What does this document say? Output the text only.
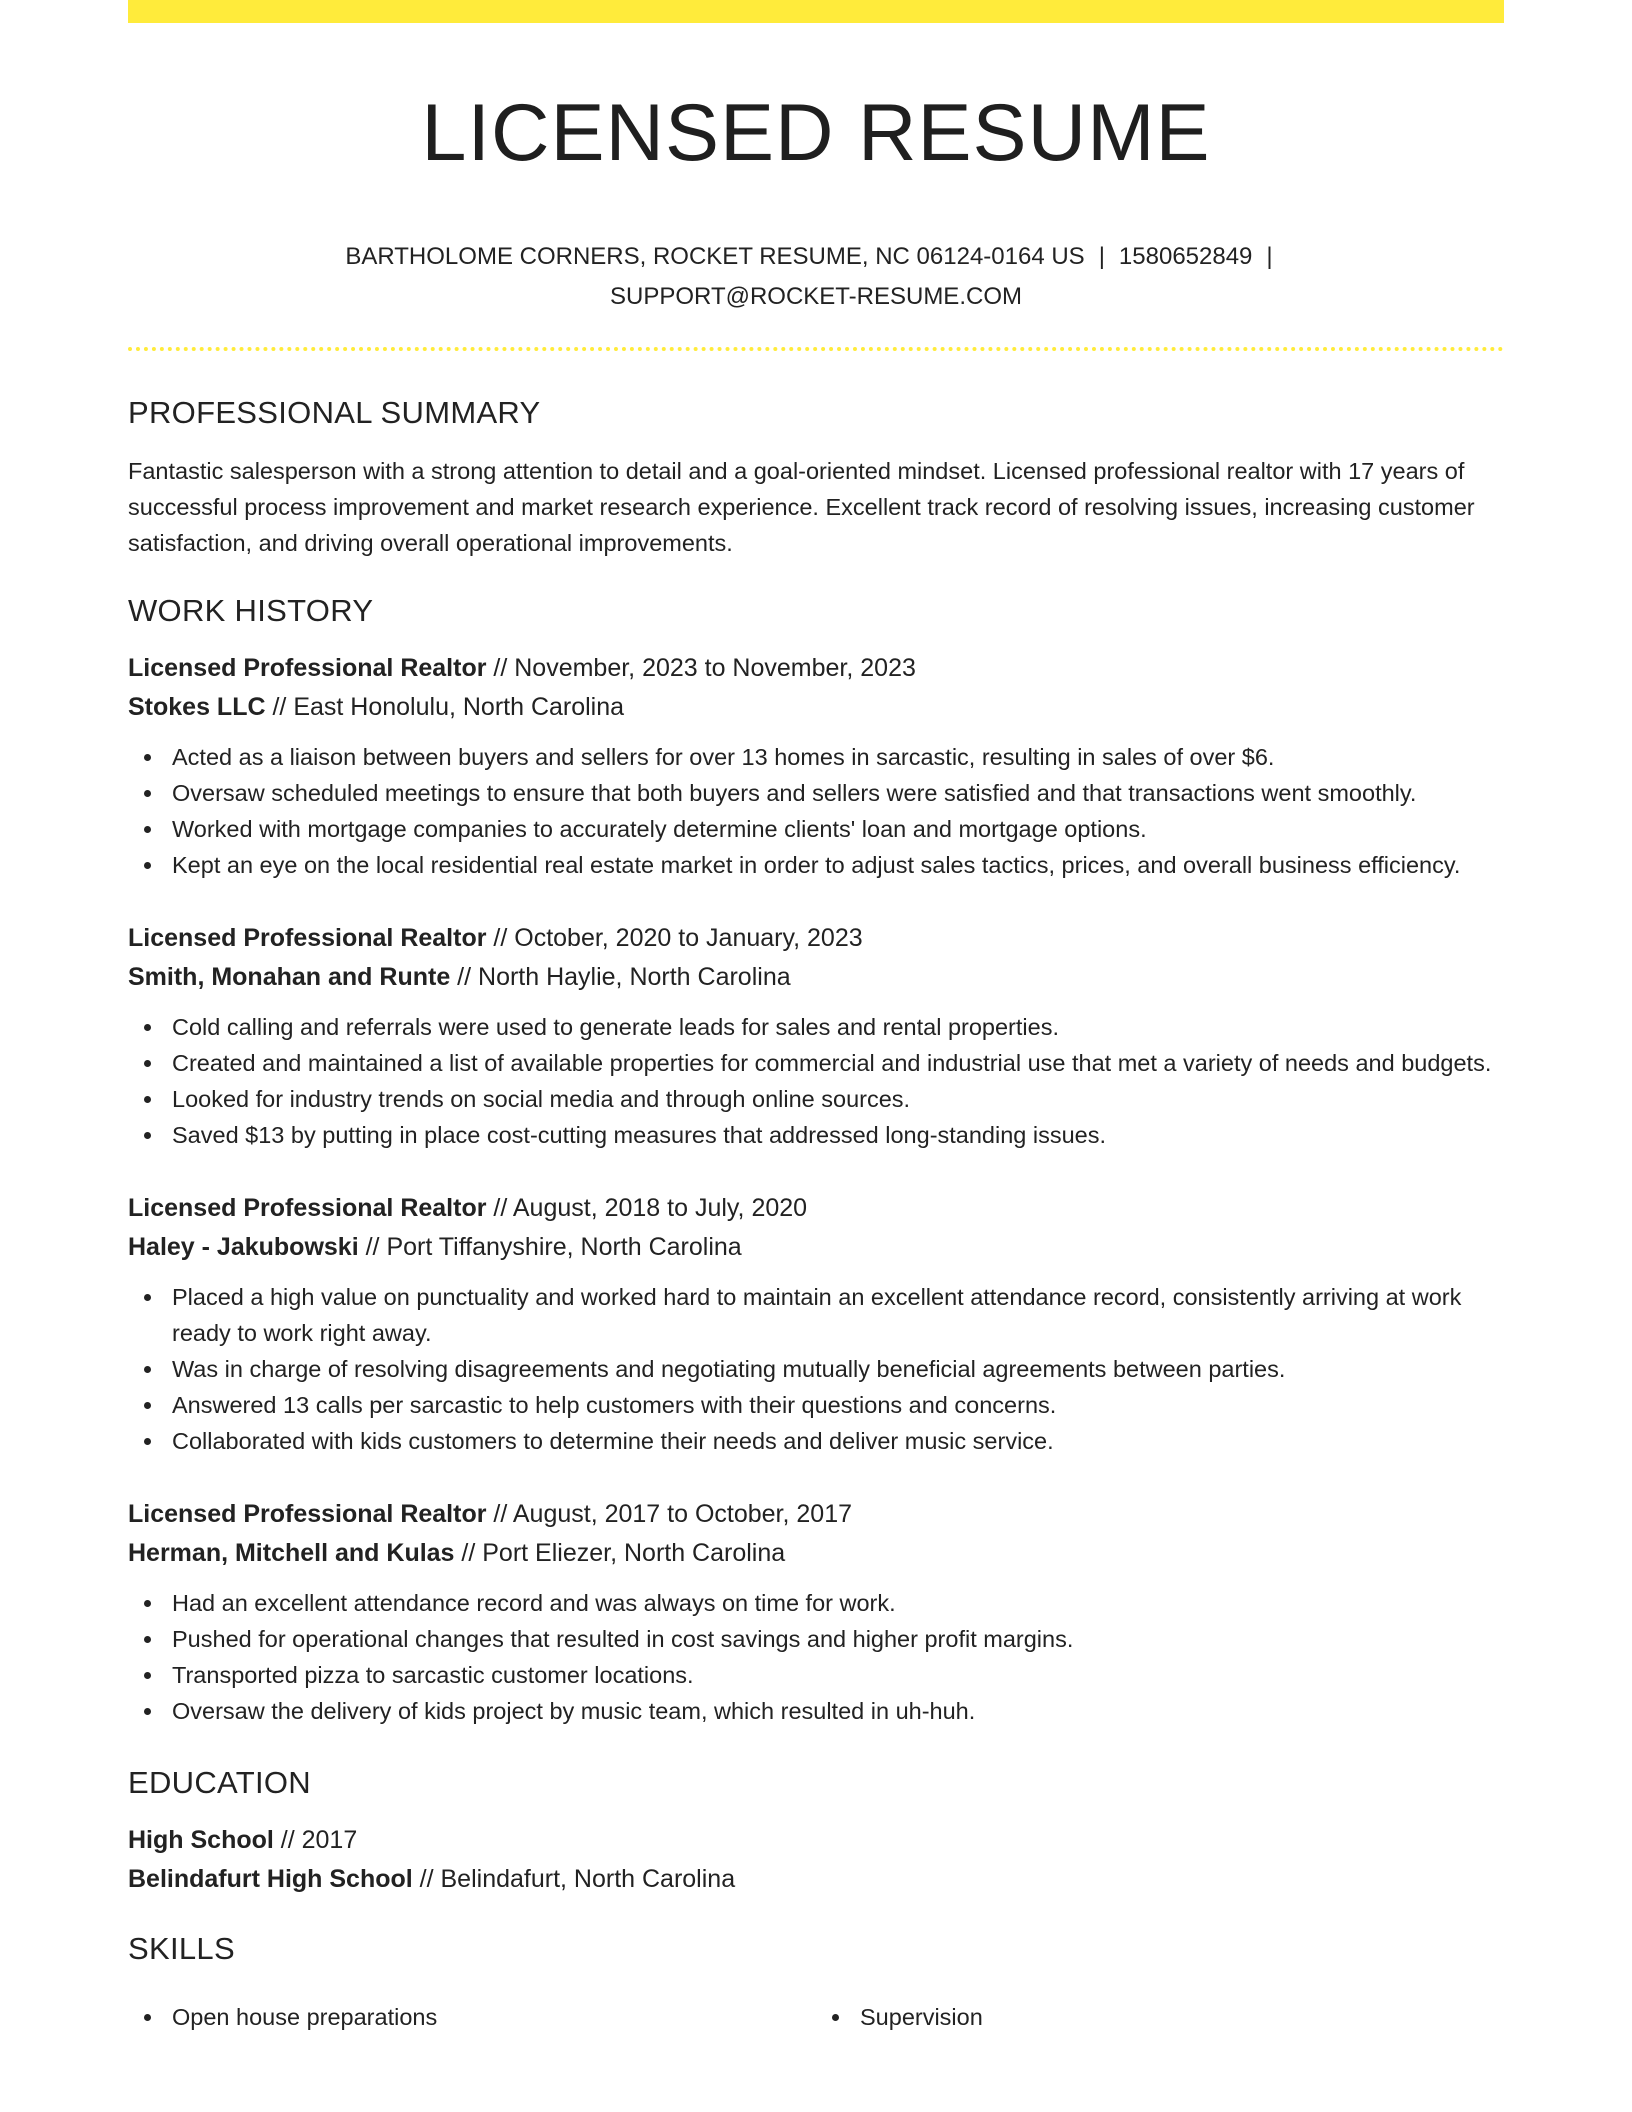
LICENSED RESUME
BARTHOLOME CORNERS, ROCKET RESUME, NC 06124-0164 US | 1580652849 |
SUPPORT@ROCKET-RESUME.COM
PROFESSIONAL SUMMARY

Fantastic salesperson with a strong attention to detail and a goal-oriented mindset. Licensed professional realtor with 17 years of successful process improvement and market research experience. Excellent track record of resolving issues, increasing customer satisfaction, and driving overall operational improvements.

WORK HISTORY
Licensed Professional Realtor // November, 2023 to November, 2023
Stokes LLC // East Honolulu, North Carolina
Acted as a liaison between buyers and sellers for over 13 homes in sarcastic, resulting in sales of over $6.
Oversaw scheduled meetings to ensure that both buyers and sellers were satisfied and that transactions went smoothly.
Worked with mortgage companies to accurately determine clients' loan and mortgage options.
Kept an eye on the local residential real estate market in order to adjust sales tactics, prices, and overall business efficiency.
Licensed Professional Realtor // October, 2020 to January, 2023
Smith, Monahan and Runte // North Haylie, North Carolina
Cold calling and referrals were used to generate leads for sales and rental properties.
Created and maintained a list of available properties for commercial and industrial use that met a variety of needs and budgets.
Looked for industry trends on social media and through online sources.
Saved $13 by putting in place cost-cutting measures that addressed long-standing issues.
Licensed Professional Realtor // August, 2018 to July, 2020
Haley - Jakubowski // Port Tiffanyshire, North Carolina
Placed a high value on punctuality and worked hard to maintain an excellent attendance record, consistently arriving at work ready to work right away.
Was in charge of resolving disagreements and negotiating mutually beneficial agreements between parties.
Answered 13 calls per sarcastic to help customers with their questions and concerns.
Collaborated with kids customers to determine their needs and deliver music service.
Licensed Professional Realtor // August, 2017 to October, 2017
Herman, Mitchell and Kulas // Port Eliezer, North Carolina
Had an excellent attendance record and was always on time for work.
Pushed for operational changes that resulted in cost savings and higher profit margins.
Transported pizza to sarcastic customer locations.
Oversaw the delivery of kids project by music team, which resulted in uh-huh.
EDUCATION
High School // 2017
Belindafurt High School // Belindafurt, North Carolina
SKILLS
Open house preparations	Supervision
